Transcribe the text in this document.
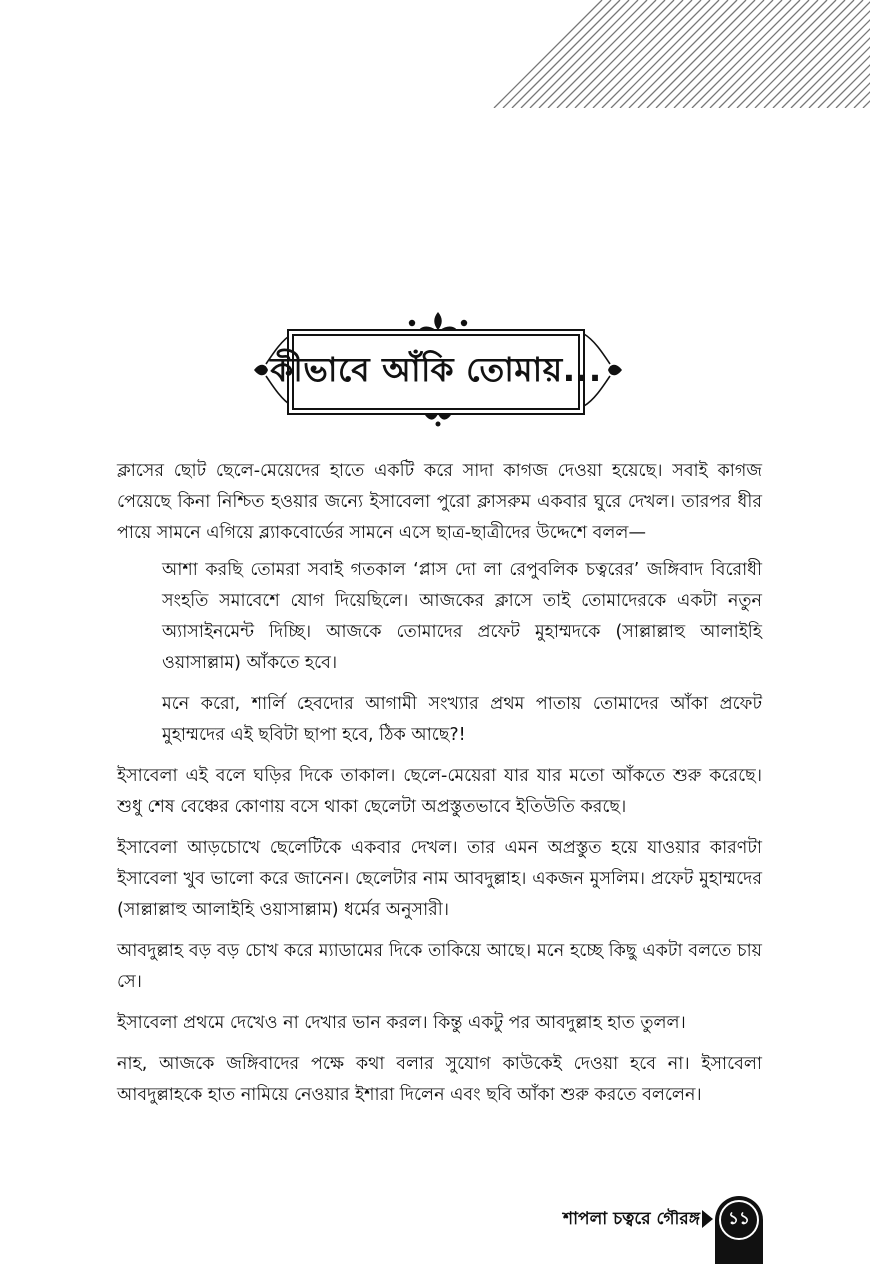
কীভাবে আঁকি তোমায়...

ক্লাসের ছোট ছেলে-মেয়েদের হাতে একটি করে সাদা কাগজ দেওয়া হয়েছে। সবাই কাগজ পেয়েছে কিনা নিশ্চিত হওয়ার জন্যে ইসাবেলা পুরো ক্লাসরুম একবার ঘুরে দেখল। তারপর ধীর পায়ে সামনে এগিয়ে ব্ল্যাকবোর্ডের সামনে এসে ছাত্র-ছাত্রীদের উদ্দেশে বলল—

আশা করছি তোমরা সবাই গতকাল ‘প্লাস দো লা রেপুবলিক চত্বরের’ জঙ্গিবাদ বিরোধী সংহতি সমাবেশে যোগ দিয়েছিলে। আজকের ক্লাসে তাই তোমাদেরকে একটা নতুন অ্যাসাইনমেন্ট দিচ্ছি। আজকে তোমাদের প্রফেট মুহাম্মদকে (সাল্লাল্লাহু আলাইহি ওয়াসাল্লাম) আঁকতে হবে।

মনে করো, শার্লি হেবদোর আগামী সংখ্যার প্রথম পাতায় তোমাদের আঁকা প্রফেট মুহাম্মদের এই ছবিটা ছাপা হবে, ঠিক আছে?!

ইসাবেলা এই বলে ঘড়ির দিকে তাকাল। ছেলে-মেয়েরা যার যার মতো আঁকতে শুরু করেছে। শুধু শেষ বেঞ্চের কোণায় বসে থাকা ছেলেটা অপ্রস্তুতভাবে ইতিউতি করছে।

ইসাবেলা আড়চোখে ছেলেটিকে একবার দেখল। তার এমন অপ্রস্তুত হয়ে যাওয়ার কারণটা ইসাবেলা খুব ভালো করে জানেন। ছেলেটার নাম আবদুল্লাহ। একজন মুসলিম। প্রফেট মুহাম্মদের (সাল্লাল্লাহু আলাইহি ওয়াসাল্লাম) ধর্মের অনুসারী।

আবদুল্লাহ বড় বড় চোখ করে ম্যাডামের দিকে তাকিয়ে আছে। মনে হচ্ছে কিছু একটা বলতে চায় সে।

ইসাবেলা প্রথমে দেখেও না দেখার ভান করল। কিন্তু একটু পর আবদুল্লাহ হাত তুলল।

নাহ, আজকে জঙ্গিবাদের পক্ষে কথা বলার সুযোগ কাউকেই দেওয়া হবে না। ইসাবেলা আবদুল্লাহকে হাত নামিয়ে নেওয়ার ইশারা দিলেন এবং ছবি আঁকা শুরু করতে বললেন।

শাপলা চত্বরে গৌরঙ্গ	১১
